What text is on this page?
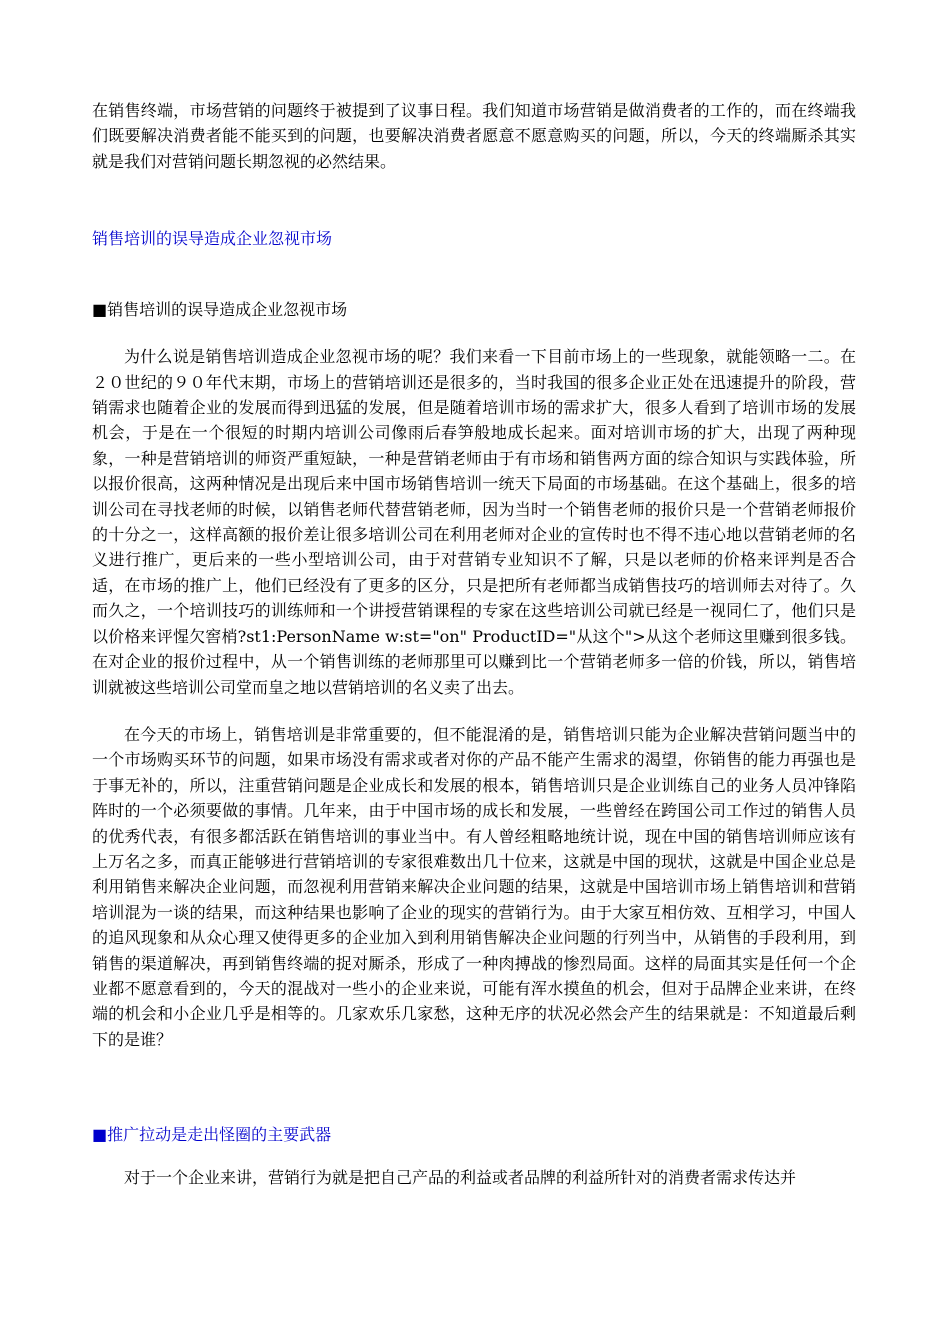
在销售终端，市场营销的问题终于被提到了议事日程。我们知道市场营销是做消费者的工作的，而在终端我们既要解决消费者能不能买到的问题，也要解决消费者愿意不愿意购买的问题，所以，今天的终端厮杀其实就是我们对营销问题长期忽视的必然结果。

销售培训的误导造成企业忽视市场

■销售培训的误导造成企业忽视市场

为什么说是销售培训造成企业忽视市场的呢？我们来看一下目前市场上的一些现象，就能领略一二。在２０世纪的９０年代末期，市场上的营销培训还是很多的，当时我国的很多企业正处在迅速提升的阶段，营销需求也随着企业的发展而得到迅猛的发展，但是随着培训市场的需求扩大，很多人看到了培训市场的发展机会，于是在一个很短的时期内培训公司像雨后春笋般地成长起来。面对培训市场的扩大，出现了两种现象，一种是营销培训的师资严重短缺，一种是营销老师由于有市场和销售两方面的综合知识与实践体验，所以报价很高，这两种情况是出现后来中国市场销售培训一统天下局面的市场基础。在这个基础上，很多的培训公司在寻找老师的时候，以销售老师代替营销老师，因为当时一个销售老师的报价只是一个营销老师报价的十分之一，这样高额的报价差让很多培训公司在利用老师对企业的宣传时也不得不违心地以营销老师的名义进行推广，更后来的一些小型培训公司，由于对营销专业知识不了解，只是以老师的价格来评判是否合适，在市场的推广上，他们已经没有了更多的区分，只是把所有老师都当成销售技巧的培训师去对待了。久而久之，一个培训技巧的训练师和一个讲授营销课程的专家在这些培训公司就已经是一视同仁了，他们只是以价格来评惺欠窖梢?st1:PersonName w:st="on" ProductID="从这个">从这个老师这里赚到很多钱。在对企业的报价过程中，从一个销售训练的老师那里可以赚到比一个营销老师多一倍的价钱，所以，销售培训就被这些培训公司堂而皇之地以营销培训的名义卖了出去。

在今天的市场上，销售培训是非常重要的，但不能混淆的是，销售培训只能为企业解决营销问题当中的一个市场购买环节的问题，如果市场没有需求或者对你的产品不能产生需求的渴望，你销售的能力再强也是于事无补的，所以，注重营销问题是企业成长和发展的根本，销售培训只是企业训练自己的业务人员冲锋陷阵时的一个必须要做的事情。几年来，由于中国市场的成长和发展，一些曾经在跨国公司工作过的销售人员的优秀代表，有很多都活跃在销售培训的事业当中。有人曾经粗略地统计说，现在中国的销售培训师应该有上万名之多，而真正能够进行营销培训的专家很难数出几十位来，这就是中国的现状，这就是中国企业总是利用销售来解决企业问题，而忽视利用营销来解决企业问题的结果，这就是中国培训市场上销售培训和营销培训混为一谈的结果，而这种结果也影响了企业的现实的营销行为。由于大家互相仿效、互相学习，中国人的追风现象和从众心理又使得更多的企业加入到利用销售解决企业问题的行列当中，从销售的手段利用，到销售的渠道解决，再到销售终端的捉对厮杀，形成了一种肉搏战的惨烈局面。这样的局面其实是任何一个企业都不愿意看到的，今天的混战对一些小的企业来说，可能有浑水摸鱼的机会，但对于品牌企业来讲，在终端的机会和小企业几乎是相等的。几家欢乐几家愁，这种无序的状况必然会产生的结果就是：不知道最后剩下的是谁？

■推广拉动是走出怪圈的主要武器

对于一个企业来讲，营销行为就是把自己产品的利益或者品牌的利益所针对的消费者需求传达并
